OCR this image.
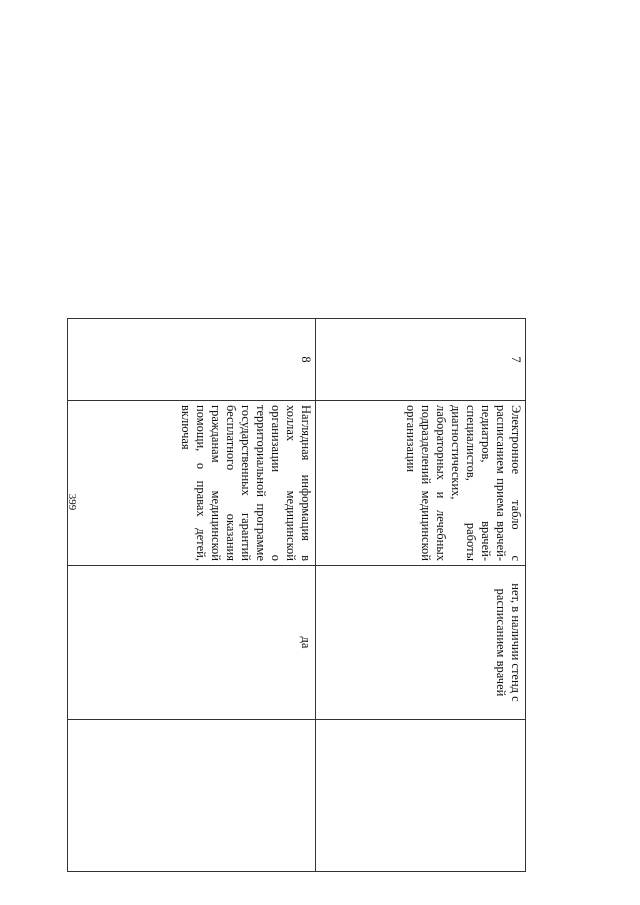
399
7	Электронное табло с расписанием приема врачей-педиатров, врачей-специалистов, работы диагностических, лабораторных и лечебных подразделений медицинской организации	нет, в наличии стенд с расписанием врачей	
8	Наглядная информация в холлах медицинской организации о территориальной программе государственных гарантий бесплатного оказания гражданам медицинской помощи, о правах детей, включая	да	
